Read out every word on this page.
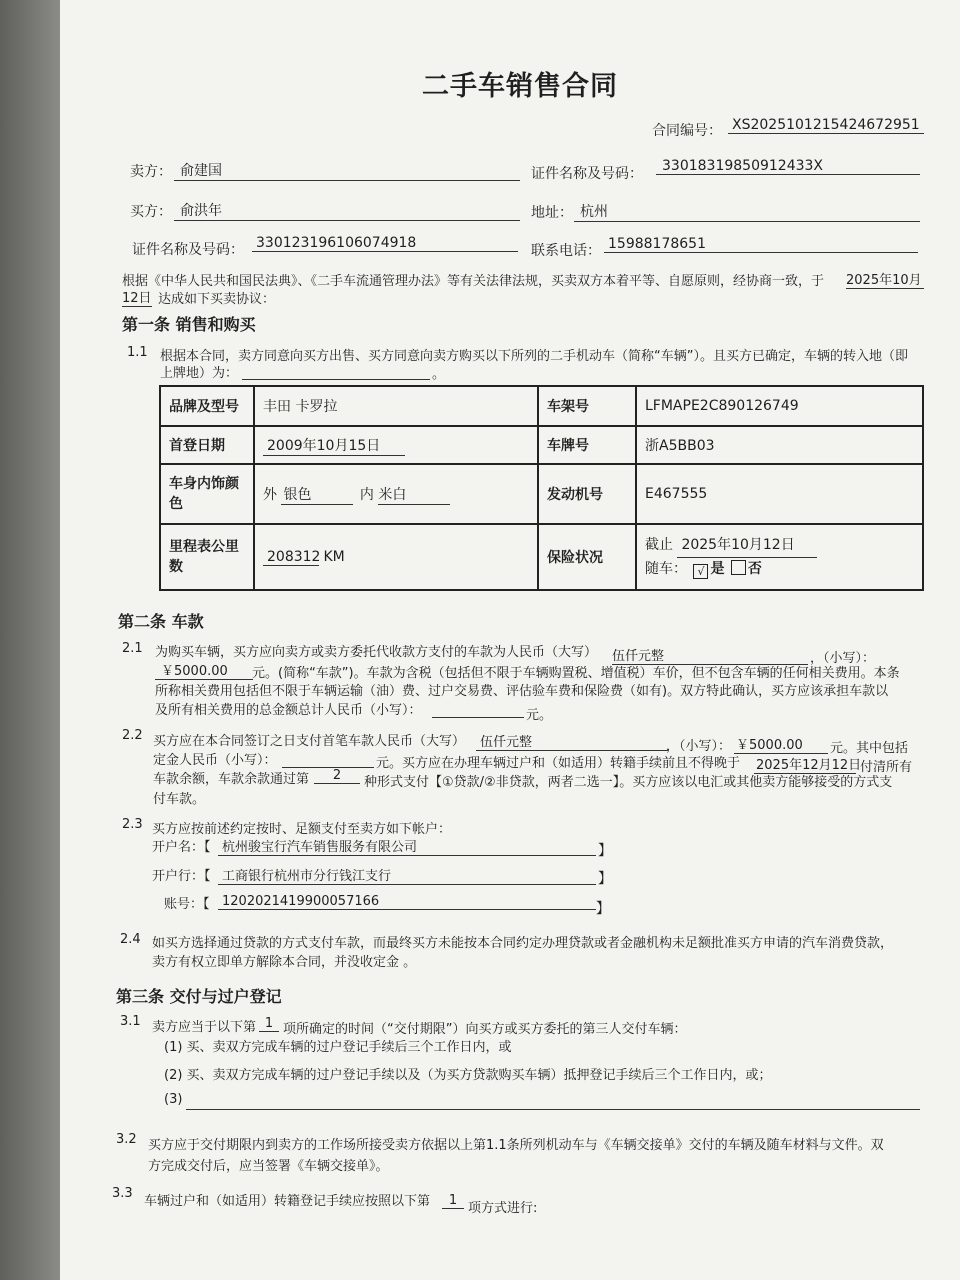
二手车销售合同
合同编号： XS2025101215424672951
卖方： 俞建国	证件名称及号码：	33018319850912433X
买方： 俞洪年	地址： 杭州
证件名称及号码： 330123196106074918	联系电话： 15988178651
根据《中华人民共和国民法典》、《二手车流通管理办法》等有关法律法规，买卖双方本着平等、自愿原则，经协商一致，于 2025年10月
12日 达成如下买卖协议：
第一条 销售和购买
1.1 根据本合同，卖方同意向买方出售、买方同意向卖方购买以下所列的二手机动车（简称“车辆”）。且买方已确定，车辆的转入地（即
上牌地）为：	。
品牌及型号	丰田 卡罗拉	车架号	LFMAPE2C890126749
首登日期	2009年10月15日	车牌号	浙A5BB03
车身内饰颜色	外 银色 内 米白	发动机号	E467555
里程表公里数	208312 KM	保险状况	截止 2025年10月12日
随车： √ 是 否
第二条 车款
2.1 为购买车辆，买方应向卖方或卖方委托代收款方支付的车款为人民币（大写） 伍仟元整	，（小写）：
￥5000.00	元。(简称“车款”)。车款为含税（包括但不限于车辆购置税、增值税）车价，但不包含车辆的任何相关费用。本条
所称相关费用包括但不限于车辆运输（油）费、过户交易费、评估验车费和保险费（如有)。双方特此确认，买方应该承担车款以
及所有相关费用的总金额总计人民币（小写）：	元。
2.2 买方应在本合同签订之日支付首笔车款人民币（大写）	伍仟元整	，（小写）： ￥5000.00	元。其中包括
定金人民币（小写）：	元。买方应在办理车辆过户和（如适用）转籍手续前且不得晚于 2025年12月12日
付清所有
车款余额，车款余款通过第	2	种形式支付【①贷款/②非贷款，两者二选一】。买方应该以电汇或其他卖方能够接受的方式支
付车款。
2.3 买方应按前述约定按时、足额支付至卖方如下帐户：
开户名：【 杭州骏宝行汽车销售服务有限公司	】
开户行：【 工商银行杭州市分行钱江支行	】
账号：【 1202021419900057166	】
2.4 如买方选择通过贷款的方式支付车款，而最终买方未能按本合同约定办理贷款或者金融机构未足额批准买方申请的汽车消费贷款，
卖方有权立即单方解除本合同，并没收定金 。
第三条 交付与过户登记
3.1 卖方应当于以下第 1 项所确定的时间（“交付期限”）向买方或买方委托的第三人交付车辆：
(1) 买、卖双方完成车辆的过户登记手续后三个工作日内，或
(2) 买、卖双方完成车辆的过户登记手续以及（为买方贷款购买车辆）抵押登记手续后三个工作日内，或；
(3)
3.2 买方应于交付期限内到卖方的工作场所接受卖方依据以上第1.1条所列机动车与《车辆交接单》交付的车辆及随车材料与文件。双
方完成交付后，应当签署《车辆交接单》。
3.3
车辆过户和（如适用）转籍登记手续应按照以下第	1
项方式进行:
